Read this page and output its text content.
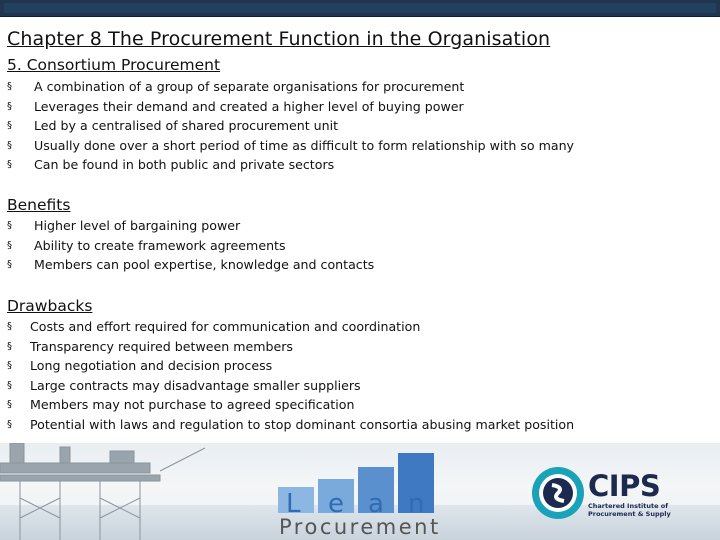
Chapter 8 The Procurement Function in the Organisation
5. Consortium Procurement
§ A combination of a group of separate organisations for procurement
§ Leverages their demand and created a higher level of buying power
§ Led by a centralised of shared procurement unit
§ Usually done over a short period of time as difficult to form relationship with so many
§ Can be found in both public and private sectors
Benefits
§ Higher level of bargaining power
§ Ability to create framework agreements
§ Members can pool expertise, knowledge and contacts
Drawbacks
§ Costs and effort required for communication and coordination
§ Transparency required between members
§ Long negotiation and decision process
§ Large contracts may disadvantage smaller suppliers
§ Members may not purchase to agreed specification
§ Potential with laws and regulation to stop dominant consortia abusing market position
L e a n
Procurement
CIPS
Chartered Institute of
Procurement & Supply
